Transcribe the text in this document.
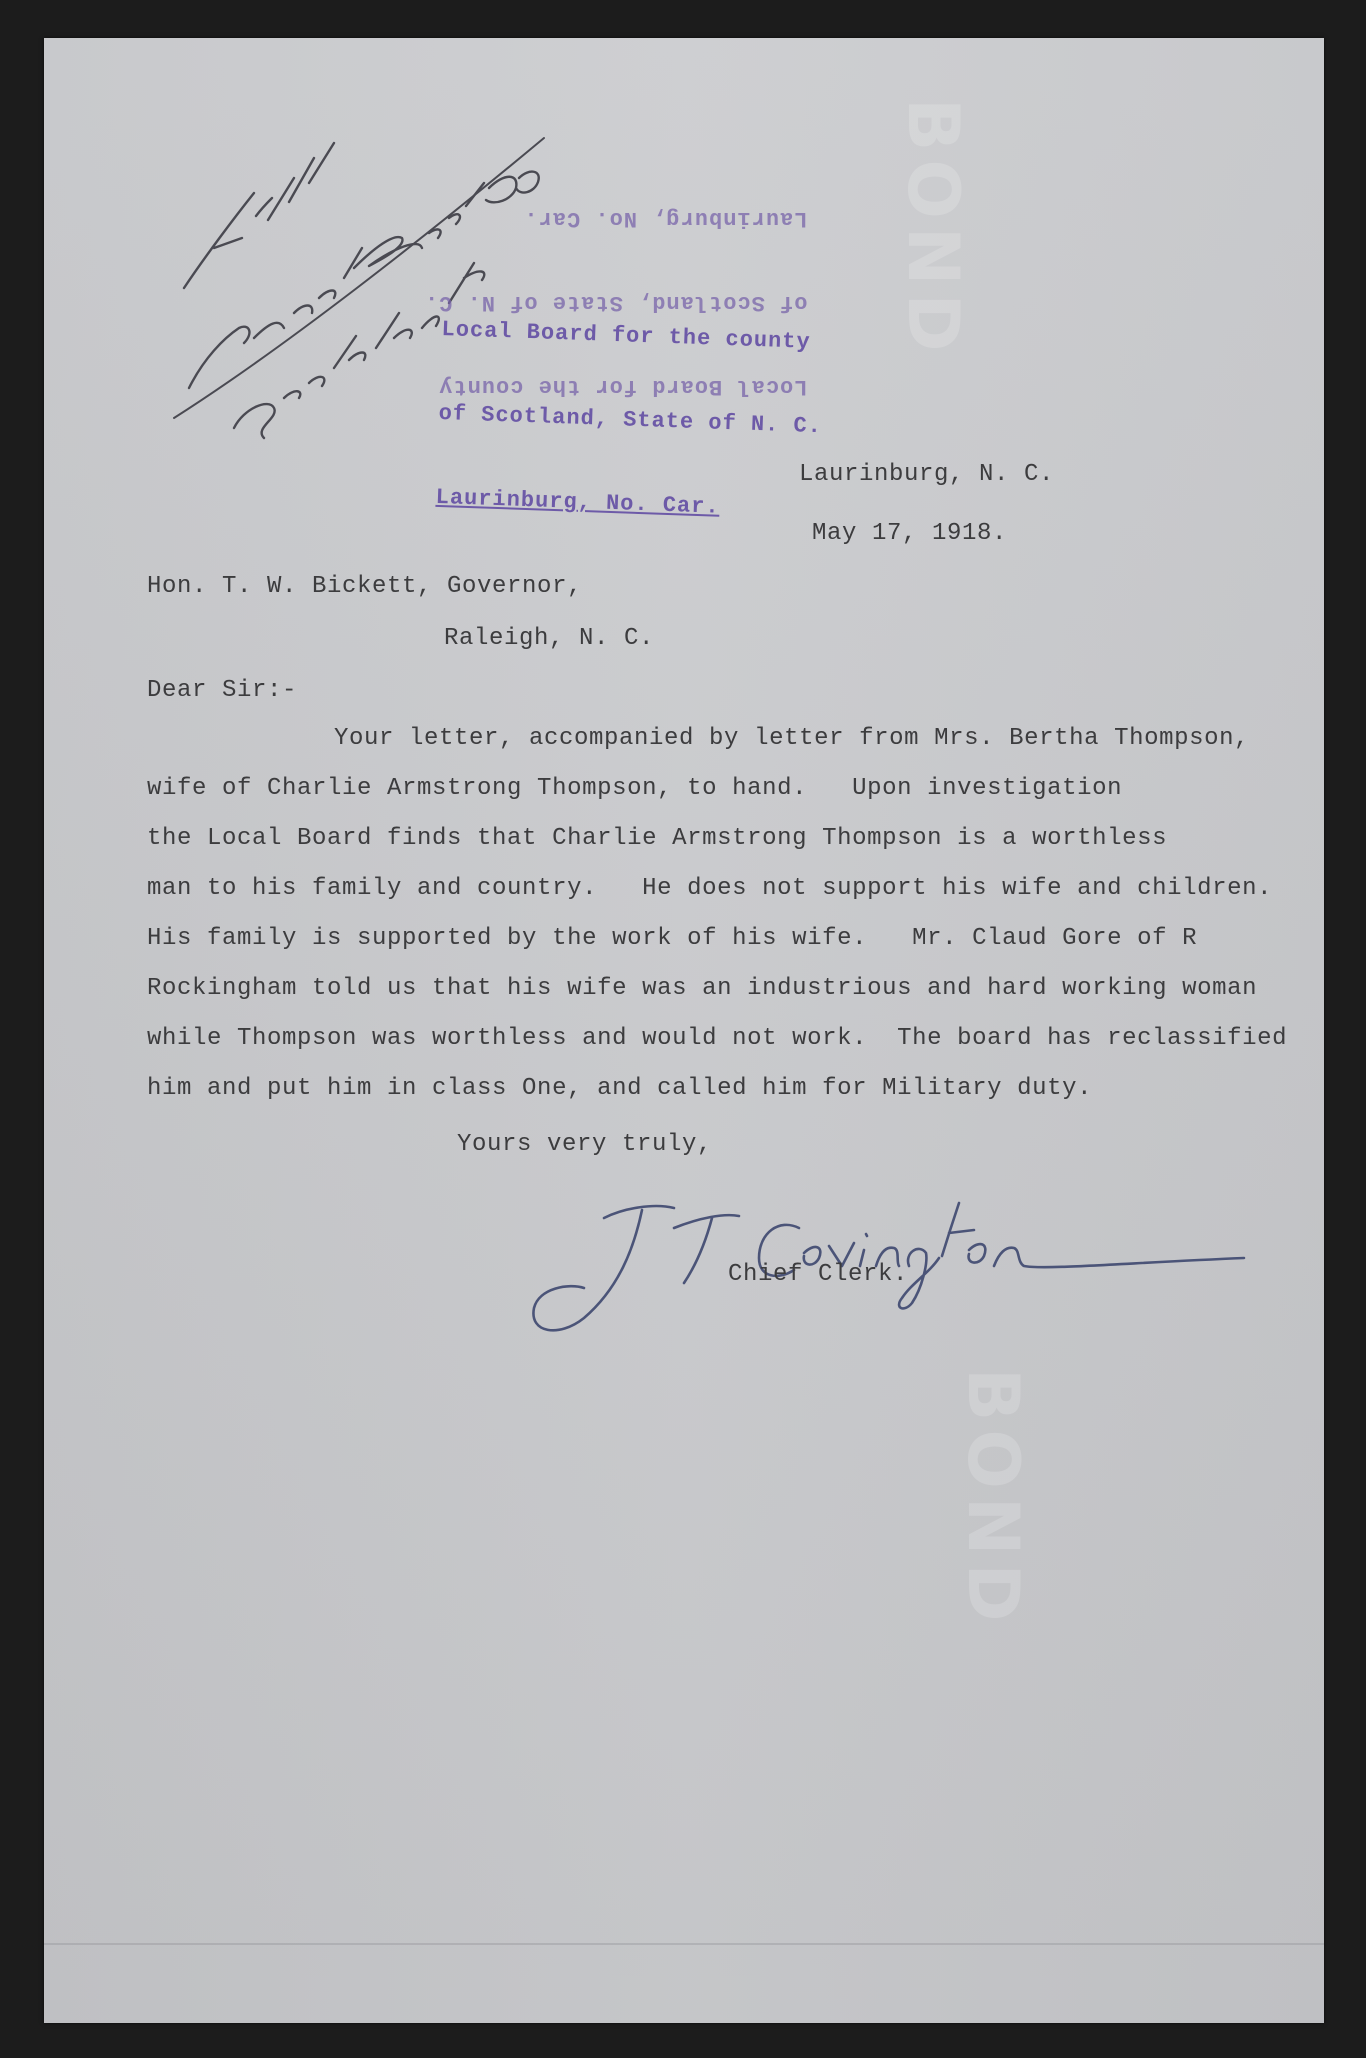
BOND
BOND

Local Board for the county

of Scotland, State of N. C.

Laurinburg, No. Car.

Local Board for the county

of Scotland, State of N. C.

Laurinburg, No. Car.

Laurinburg, N. C.
May 17, 1918.
Hon. T. W. Bickett, Governor,
Raleigh, N. C.
Dear Sir:-
Your letter, accompanied by letter from Mrs. Bertha Thompson,
wife of Charlie Armstrong Thompson, to hand.   Upon investigation
the Local Board finds that Charlie Armstrong Thompson is a worthless
man to his family and country.   He does not support his wife and children.
His family is supported by the work of his wife.   Mr. Claud Gore of R
Rockingham told us that his wife was an industrious and hard working woman
while Thompson was worthless and would not work.  The board has reclassified
him and put him in class One, and called him for Military duty.
Yours very truly,
Chief Clerk.
